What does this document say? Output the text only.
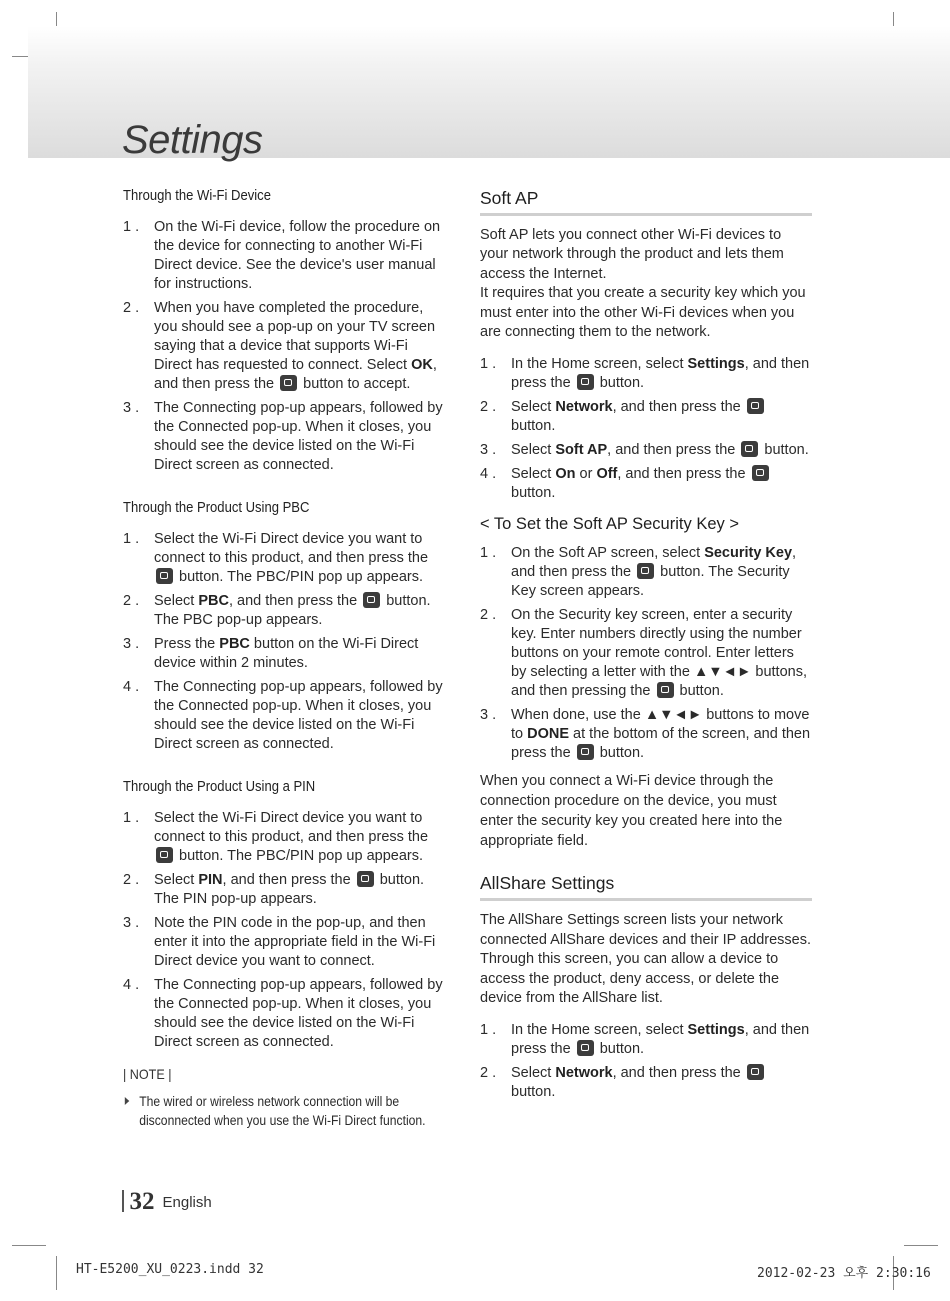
Settings
Through the Wi-Fi Device
1 . On the Wi-Fi device, follow the procedure on the device for connecting to another Wi-Fi Direct device. See the device's user manual for instructions.
2 . When you have completed the procedure, you should see a pop-up on your TV screen saying that a device that supports Wi-Fi Direct has requested to connect. Select OK, and then press the  button to accept.
3 . The Connecting pop-up appears, followed by the Connected pop-up. When it closes, you should see the device listed on the Wi-Fi Direct screen as connected.
Through the Product Using PBC
1 . Select the Wi-Fi Direct device you want to connect to this product, and then press the  button. The PBC/PIN pop up appears.
2 . Select PBC, and then press the  button. The PBC pop-up appears.
3 . Press the PBC button on the Wi-Fi Direct device within 2 minutes.
4 . The Connecting pop-up appears, followed by the Connected pop-up. When it closes, you should see the device listed on the Wi-Fi Direct screen as connected.
Through the Product Using a PIN
1 . Select the Wi-Fi Direct device you want to connect to this product, and then press the  button. The PBC/PIN pop up appears.
2 . Select PIN, and then press the  button. The PIN pop-up appears.
3 . Note the PIN code in the pop-up, and then enter it into the appropriate field in the Wi-Fi Direct device you want to connect.
4 . The Connecting pop-up appears, followed by the Connected pop-up. When it closes, you should see the device listed on the Wi-Fi Direct screen as connected.
| NOTE |
The wired or wireless network connection will be disconnected when you use the Wi-Fi Direct function.
Soft AP
Soft AP lets you connect other Wi-Fi devices to your network through the product and lets them access the Internet.
It requires that you create a security key which you must enter into the other Wi-Fi devices when you are connecting them to the network.
1 . In the Home screen, select Settings, and then press the  button.
2 . Select Network, and then press the  button.
3 . Select Soft AP, and then press the  button.
4 . Select On or Off, and then press the  button.
< To Set the Soft AP Security Key >
1 . On the Soft AP screen, select Security Key, and then press the  button. The Security Key screen appears.
2 . On the Security key screen, enter a security key. Enter numbers directly using the number buttons on your remote control. Enter letters by selecting a letter with the ▲▼◄► buttons, and then pressing the  button.
3 . When done, use the ▲▼◄► buttons to move to DONE at the bottom of the screen, and then press the  button.
When you connect a Wi-Fi device through the connection procedure on the device, you must enter the security key you created here into the appropriate field.
AllShare Settings
The AllShare Settings screen lists your network connected AllShare devices and their IP addresses. Through this screen, you can allow a device to access the product, deny access, or delete the device from the AllShare list.
1 . In the Home screen, select Settings, and then press the  button.
2 . Select Network, and then press the  button.
32 English
HT-E5200_XU_0223.indd 32	2012-02-23 오후 2:30:16
